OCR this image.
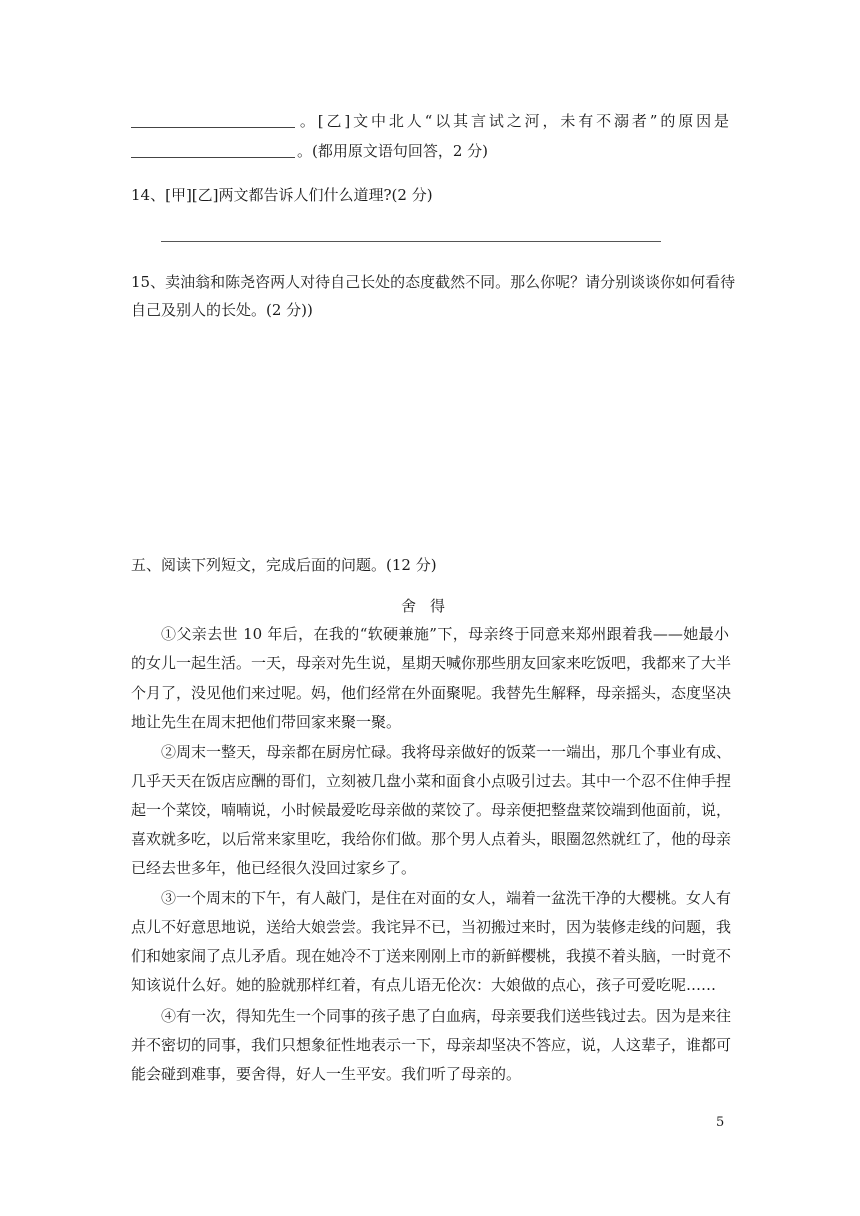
。[乙]文中北人“以其言试之河，未有不溺者”的原因是
。(都用原文语句回答，2 分)
14、[甲][乙]两文都告诉人们什么道理?(2 分)
15、卖油翁和陈尧咨两人对待自己长处的态度截然不同。那么你呢？请分别谈谈你如何看待
自己及别人的长处。(2 分))
五、阅读下列短文，完成后面的问题。(12 分)
舍得
①父亲去世 10 年后，在我的“软硬兼施”下，母亲终于同意来郑州跟着我——她最小
的女儿一起生活。一天，母亲对先生说，星期天喊你那些朋友回家来吃饭吧，我都来了大半
个月了，没见他们来过呢。妈，他们经常在外面聚呢。我替先生解释，母亲摇头，态度坚决
地让先生在周末把他们带回家来聚一聚。
②周末一整天，母亲都在厨房忙碌。我将母亲做好的饭菜一一端出，那几个事业有成、
几乎天天在饭店应酬的哥们，立刻被几盘小菜和面食小点吸引过去。其中一个忍不住伸手捏
起一个菜饺，喃喃说，小时候最爱吃母亲做的菜饺了。母亲便把整盘菜饺端到他面前，说，
喜欢就多吃，以后常来家里吃，我给你们做。那个男人点着头，眼圈忽然就红了，他的母亲
已经去世多年，他已经很久没回过家乡了。
③一个周末的下午，有人敲门，是住在对面的女人，端着一盆洗干净的大樱桃。女人有
点儿不好意思地说，送给大娘尝尝。我诧异不已，当初搬过来时，因为装修走线的问题，我
们和她家闹了点儿矛盾。现在她冷不丁送来刚刚上市的新鲜樱桃，我摸不着头脑，一时竟不
知该说什么好。她的脸就那样红着，有点儿语无伦次：大娘做的点心，孩子可爱吃呢……
④有一次，得知先生一个同事的孩子患了白血病，母亲要我们送些钱过去。因为是来往
并不密切的同事，我们只想象征性地表示一下，母亲却坚决不答应，说，人这辈子，谁都可
能会碰到难事，要舍得，好人一生平安。我们听了母亲的。
5
